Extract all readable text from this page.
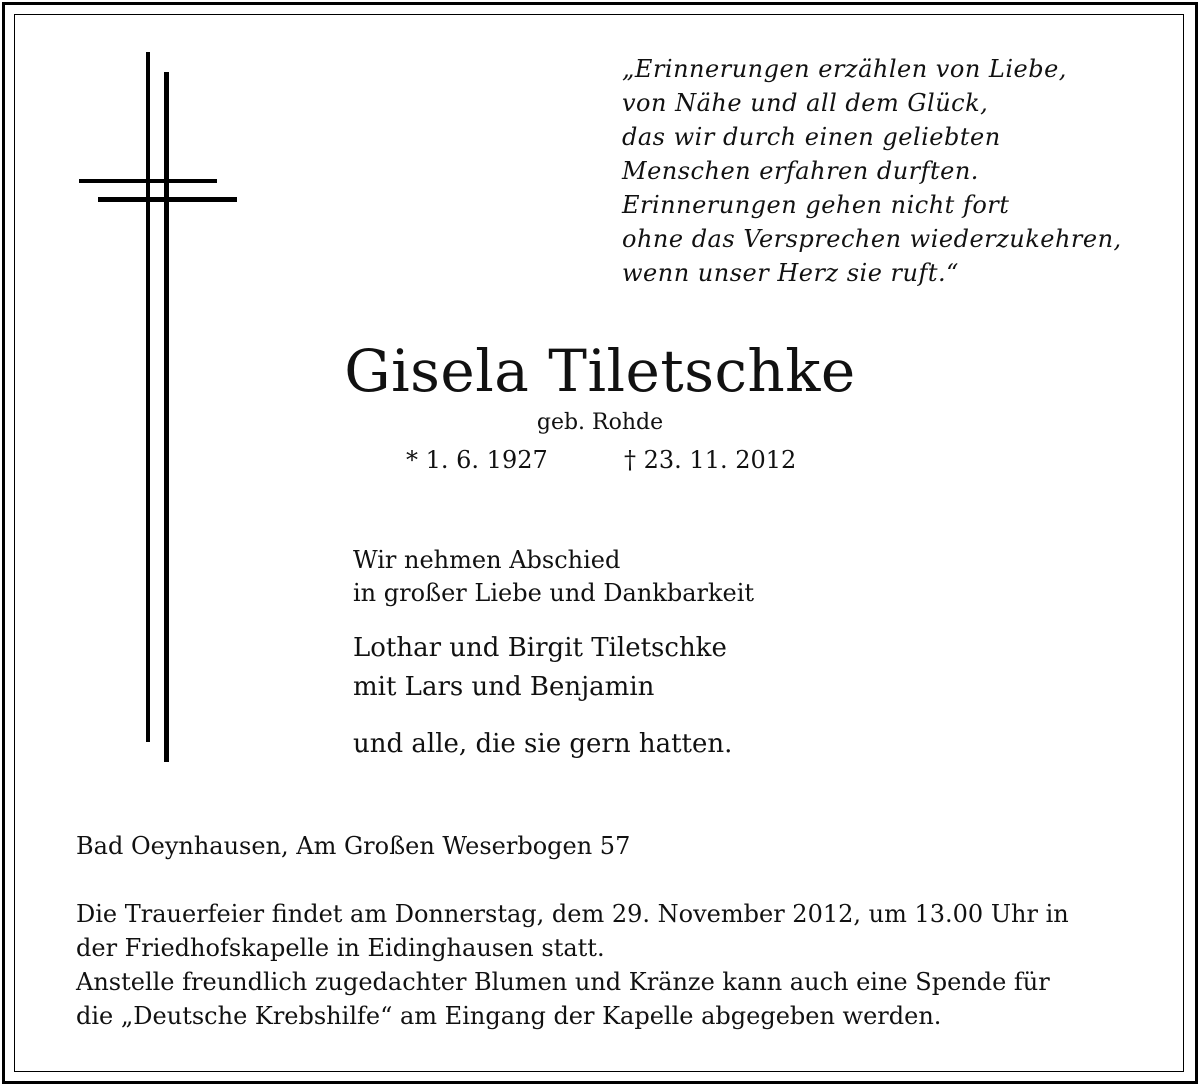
„Erinnerungen erzählen von Liebe,
von Nähe und all dem Glück,
das wir durch einen geliebten
Menschen erfahren durften.
Erinnerungen gehen nicht fort
ohne das Versprechen wiederzukehren,
wenn unser Herz sie ruft.“
Gisela Tiletschke
geb. Rohde
* 1. 6. 1927	† 23. 11. 2012
Wir nehmen Abschied
in großer Liebe und Dankbarkeit
Lothar und Birgit Tiletschke
mit Lars und Benjamin
und alle, die sie gern hatten.
Bad Oeynhausen, Am Großen Weserbogen 57
Die Trauerfeier findet am Donnerstag, dem 29. November 2012, um 13.00 Uhr in
der Friedhofskapelle in Eidinghausen statt.
Anstelle freundlich zugedachter Blumen und Kränze kann auch eine Spende für
die „Deutsche Krebshilfe“ am Eingang der Kapelle abgegeben werden.
